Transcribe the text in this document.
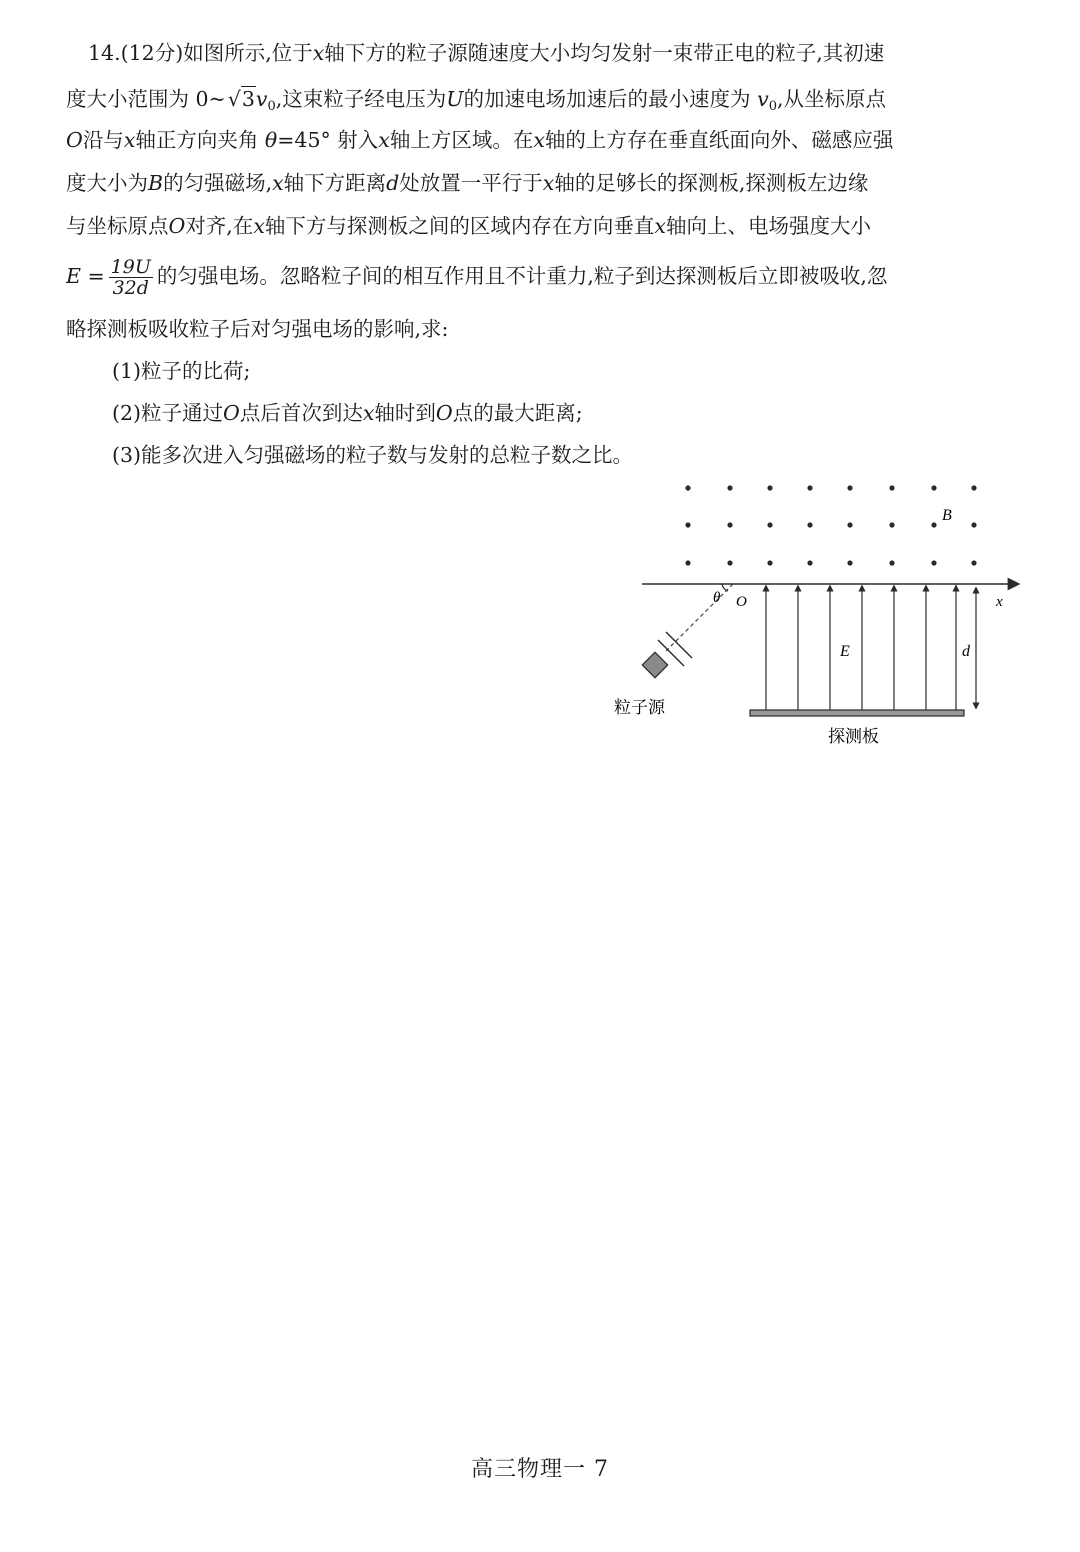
14.(12分)如图所示,位于x轴下方的粒子源随速度大小均匀发射一束带正电的粒子,其初速
度大小范围为 $0\sim√3v_0$,这束粒子经电压为U的加速电场加速后的最小速度为 $v_0$,从坐标原点
O沿与x轴正方向夹角 θ=45° 射入x轴上方区域。在x轴的上方存在垂直纸面向外、磁感应强
度大小为B的匀强磁场,x轴下方距离d处放置一平行于x轴的足够长的探测板,探测板左边缘
与坐标原点O对齐,在x轴下方与探测板之间的区域内存在方向垂直x轴向上、电场强度大小
$E = \frac{19U}{32d}$ 的匀强电场。忽略粒子间的相互作用且不计重力,粒子到达探测板后立即被吸收,忽
略探测板吸收粒子后对匀强电场的影响,求:
(1)粒子的比荷;
(2)粒子通过O点后首次到达x轴时到O点的最大距离;
(3)能多次进入匀强磁场的粒子数与发射的总粒子数之比。
B
x
O
θ
粒子源
E	d
探测板
高三物理一 7
